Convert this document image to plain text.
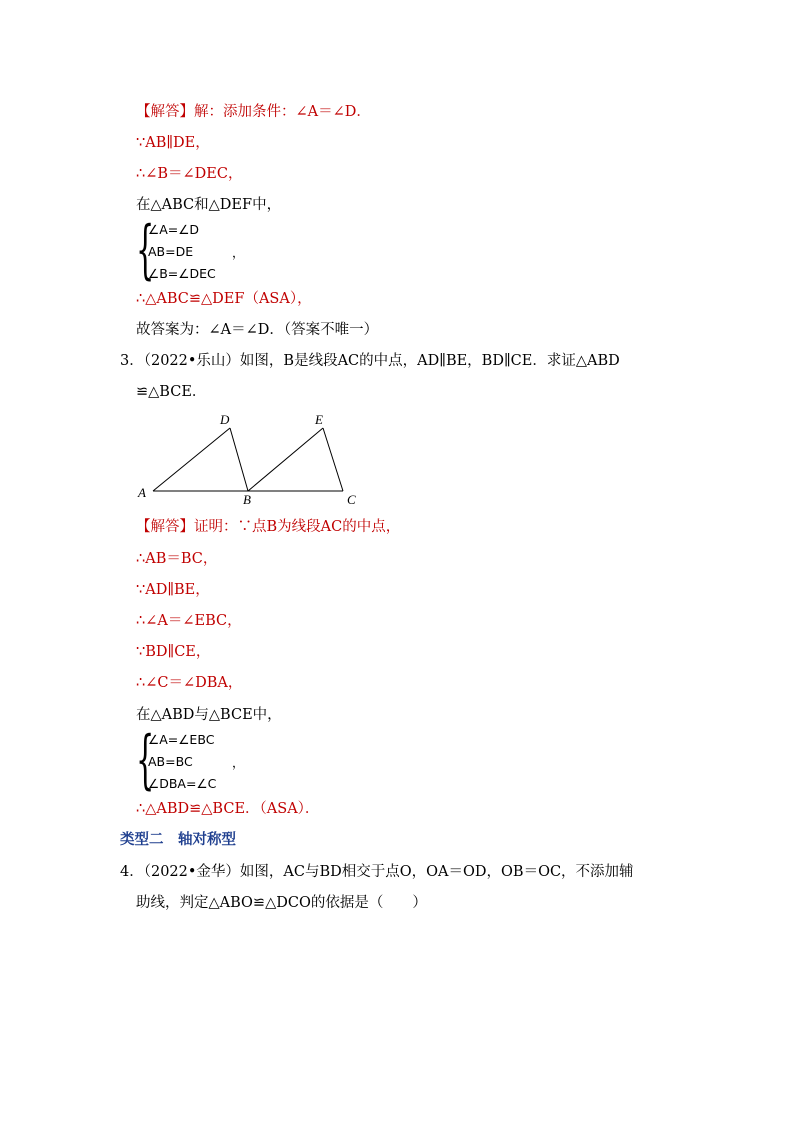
【解答】解：添加条件：∠A＝∠D．
∵AB∥DE，
∴∠B＝∠DEC，
在△ABC和△DEF中，
{
∠A=∠D
AB=DE	，
∠B=∠DEC
∴△ABC≌△DEF（ASA），
故答案为：∠A＝∠D．（答案不唯一）
3．（2022•乐山）如图，B是线段AC的中点，AD∥BE，BD∥CE．求证△ABD
≌△BCE．
A	B	C
D	E
【解答】证明：∵点B为线段AC的中点，
∴AB＝BC，
∵AD∥BE，
∴∠A＝∠EBC，
∵BD∥CE，
∴∠C＝∠DBA，
在△ABD与△BCE中，
{
∠A=∠EBC
AB=BC	，
∠DBA=∠C
∴△ABD≌△BCE．（ASA）．
类型二　轴对称型
4．（2022•金华）如图，AC与BD相交于点O，OA＝OD，OB＝OC，不添加辅
助线，判定△ABO≌△DCO的依据是（　　）
